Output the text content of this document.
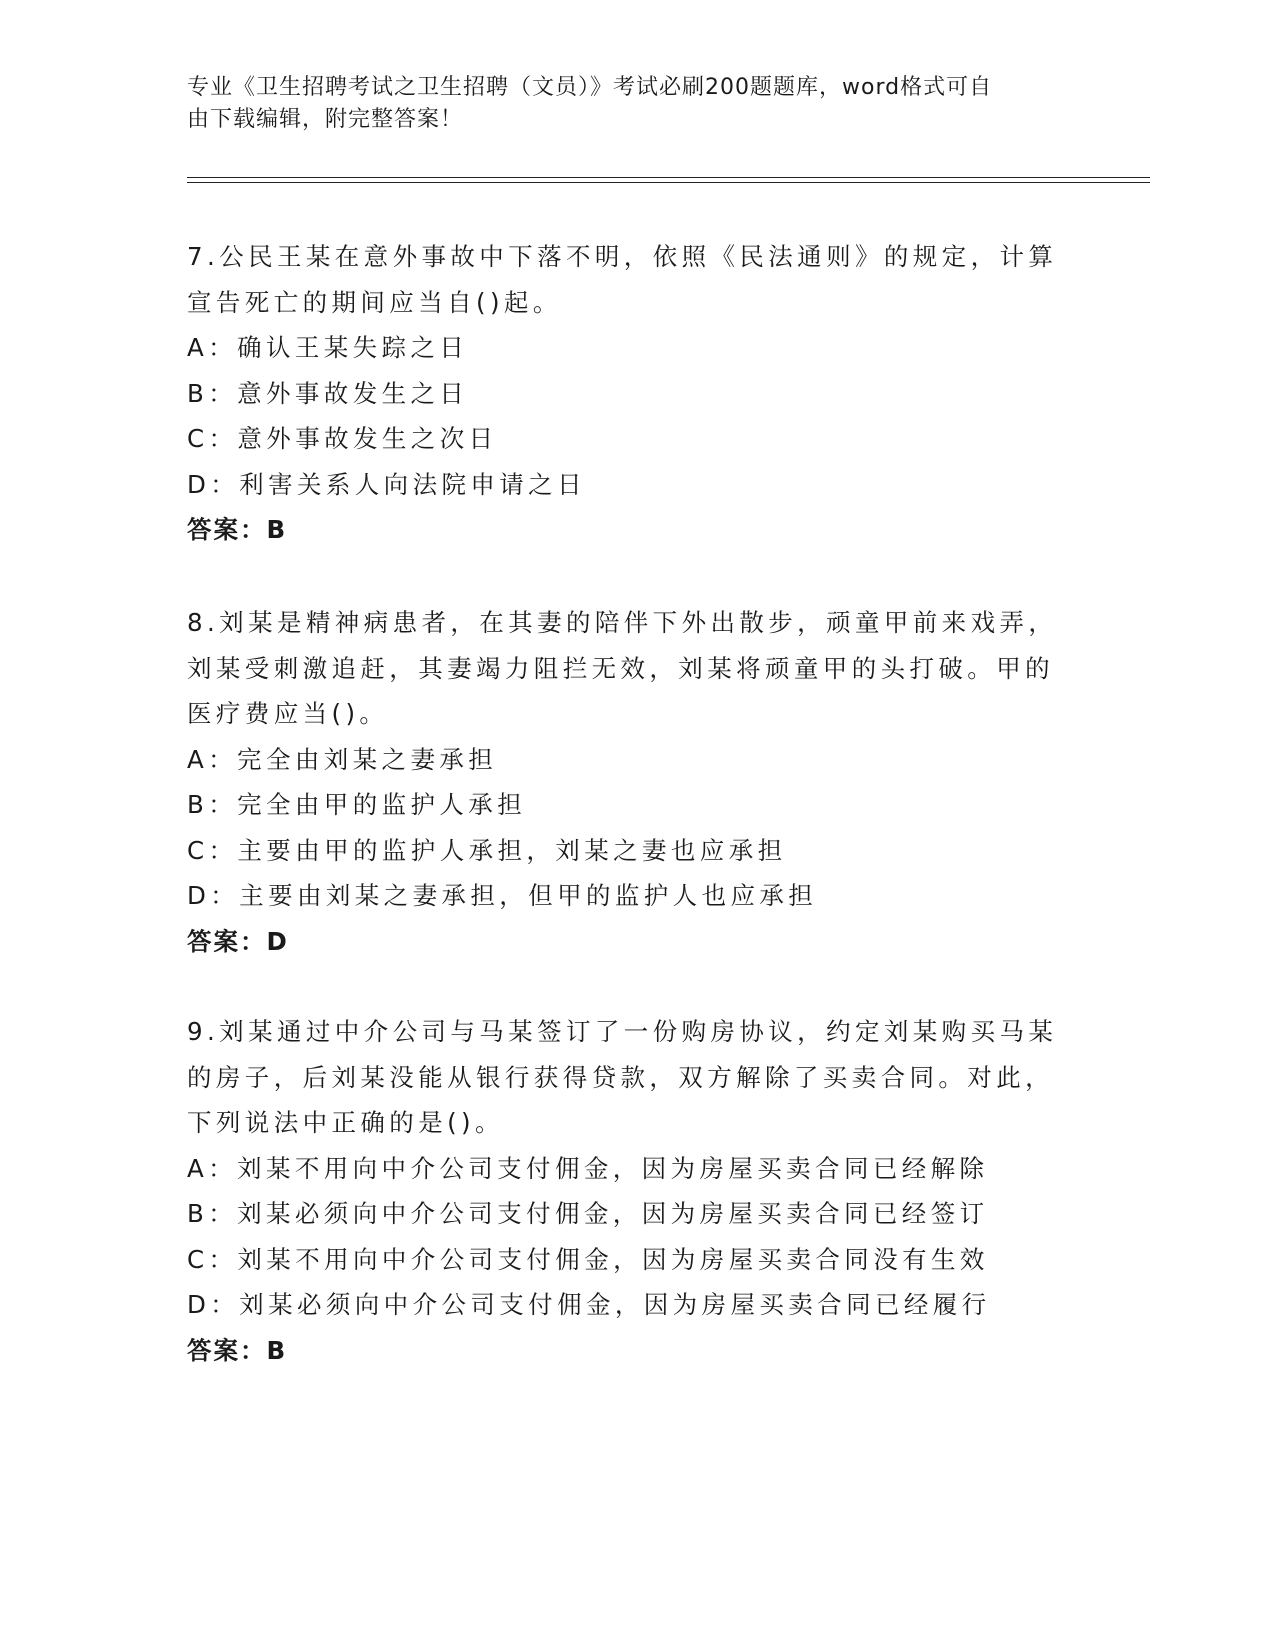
专业《卫生招聘考试之卫生招聘（文员）》考试必刷200题题库，word格式可自
由下载编辑，附完整答案！
7.公民王某在意外事故中下落不明，依照《民法通则》的规定，计算
宣告死亡的期间应当自()起。
A：确认王某失踪之日
B：意外事故发生之日
C：意外事故发生之次日
D：利害关系人向法院申请之日
答案：B
8.刘某是精神病患者，在其妻的陪伴下外出散步，顽童甲前来戏弄，
刘某受刺激追赶，其妻竭力阻拦无效，刘某将顽童甲的头打破。甲的
医疗费应当()。
A：完全由刘某之妻承担
B：完全由甲的监护人承担
C：主要由甲的监护人承担，刘某之妻也应承担
D：主要由刘某之妻承担，但甲的监护人也应承担
答案：D
9.刘某通过中介公司与马某签订了一份购房协议，约定刘某购买马某
的房子，后刘某没能从银行获得贷款，双方解除了买卖合同。对此，
下列说法中正确的是()。
A：刘某不用向中介公司支付佣金，因为房屋买卖合同已经解除
B：刘某必须向中介公司支付佣金，因为房屋买卖合同已经签订
C：刘某不用向中介公司支付佣金，因为房屋买卖合同没有生效
D：刘某必须向中介公司支付佣金，因为房屋买卖合同已经履行
答案：B
